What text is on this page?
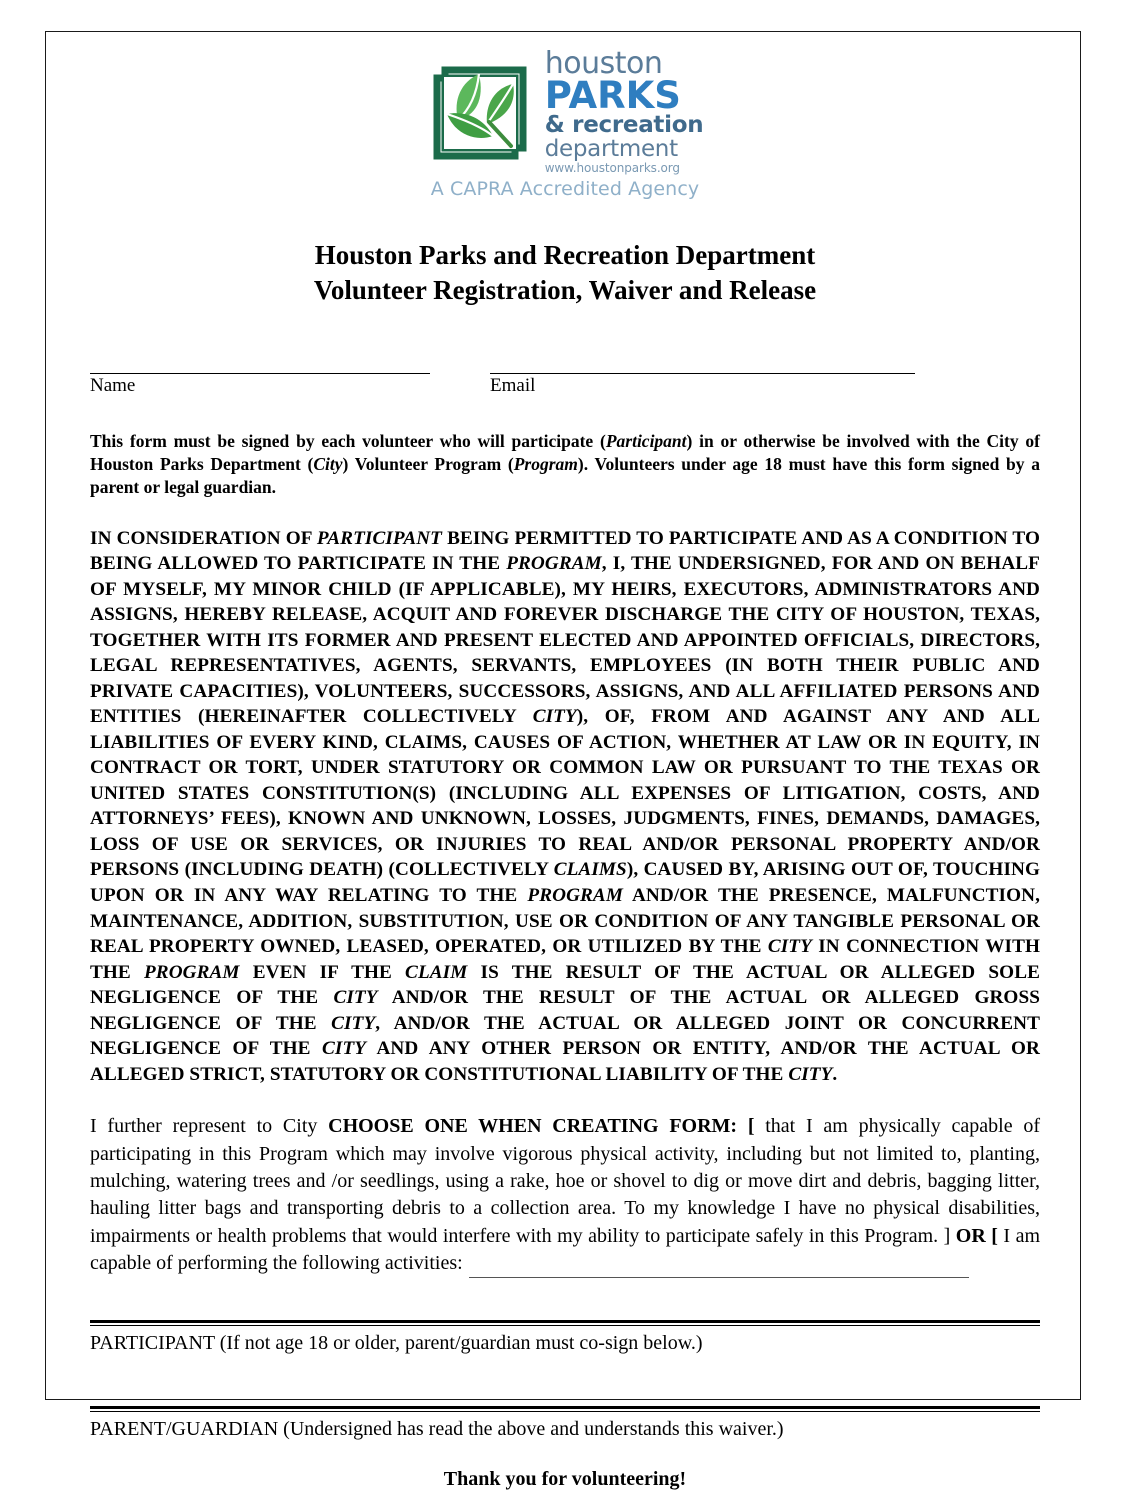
houston
PARKS
& recreation
department
www.houstonparks.org
A CAPRA Accredited Agency
Houston Parks and Recreation Department
Volunteer Registration, Waiver and Release
Name	Email
This form must be signed by each volunteer who will participate (Participant) in or otherwise be involved with the City of Houston Parks Department (City) Volunteer Program (Program). Volunteers under age 18 must have this form signed by a parent or legal guardian.
IN CONSIDERATION OF PARTICIPANT BEING PERMITTED TO PARTICIPATE AND AS A CONDITION TO BEING ALLOWED TO PARTICIPATE IN THE PROGRAM, I, THE UNDERSIGNED, FOR AND ON BEHALF OF MYSELF, MY MINOR CHILD (IF APPLICABLE), MY HEIRS, EXECUTORS, ADMINISTRATORS AND ASSIGNS, HEREBY RELEASE, ACQUIT AND FOREVER DISCHARGE THE CITY OF HOUSTON, TEXAS, TOGETHER WITH ITS FORMER AND PRESENT ELECTED AND APPOINTED OFFICIALS, DIRECTORS, LEGAL REPRESENTATIVES, AGENTS, SERVANTS, EMPLOYEES (IN BOTH THEIR PUBLIC AND PRIVATE CAPACITIES), VOLUNTEERS, SUCCESSORS, ASSIGNS, AND ALL AFFILIATED PERSONS AND ENTITIES (HEREINAFTER COLLECTIVELY CITY), OF, FROM AND AGAINST ANY AND ALL LIABILITIES OF EVERY KIND, CLAIMS, CAUSES OF ACTION, WHETHER AT LAW OR IN EQUITY, IN CONTRACT OR TORT, UNDER STATUTORY OR COMMON LAW OR PURSUANT TO THE TEXAS OR UNITED STATES CONSTITUTION(S) (INCLUDING ALL EXPENSES OF LITIGATION, COSTS, AND ATTORNEYS’ FEES), KNOWN AND UNKNOWN, LOSSES, JUDGMENTS, FINES, DEMANDS, DAMAGES, LOSS OF USE OR SERVICES, OR INJURIES TO REAL AND/OR PERSONAL PROPERTY AND/OR PERSONS (INCLUDING DEATH) (COLLECTIVELY CLAIMS), CAUSED BY, ARISING OUT OF, TOUCHING UPON OR IN ANY WAY RELATING TO THE PROGRAM AND/OR THE PRESENCE, MALFUNCTION, MAINTENANCE, ADDITION, SUBSTITUTION, USE OR CONDITION OF ANY TANGIBLE PERSONAL OR REAL PROPERTY OWNED, LEASED, OPERATED, OR UTILIZED BY THE CITY IN CONNECTION WITH THE PROGRAM EVEN IF THE CLAIM IS THE RESULT OF THE ACTUAL OR ALLEGED SOLE NEGLIGENCE OF THE CITY AND/OR THE RESULT OF THE ACTUAL OR ALLEGED GROSS NEGLIGENCE OF THE CITY, AND/OR THE ACTUAL OR ALLEGED JOINT OR CONCURRENT NEGLIGENCE OF THE CITY AND ANY OTHER PERSON OR ENTITY, AND/OR THE ACTUAL OR ALLEGED STRICT, STATUTORY OR CONSTITUTIONAL LIABILITY OF THE CITY.
I further represent to City CHOOSE ONE WHEN CREATING FORM: [ that I am physically capable of participating in this Program which may involve vigorous physical activity, including but not limited to, planting, mulching, watering trees and /or seedlings, using a rake, hoe or shovel to dig or move dirt and debris, bagging litter, hauling litter bags and transporting debris to a collection area. To my knowledge I have no physical disabilities, impairments or health problems that would interfere with my ability to participate safely in this Program. ] OR [ I am capable of performing the following activities:
PARTICIPANT (If not age 18 or older, parent/guardian must co-sign below.)
PARENT/GUARDIAN (Undersigned has read the above and understands this waiver.)
Thank you for volunteering!
